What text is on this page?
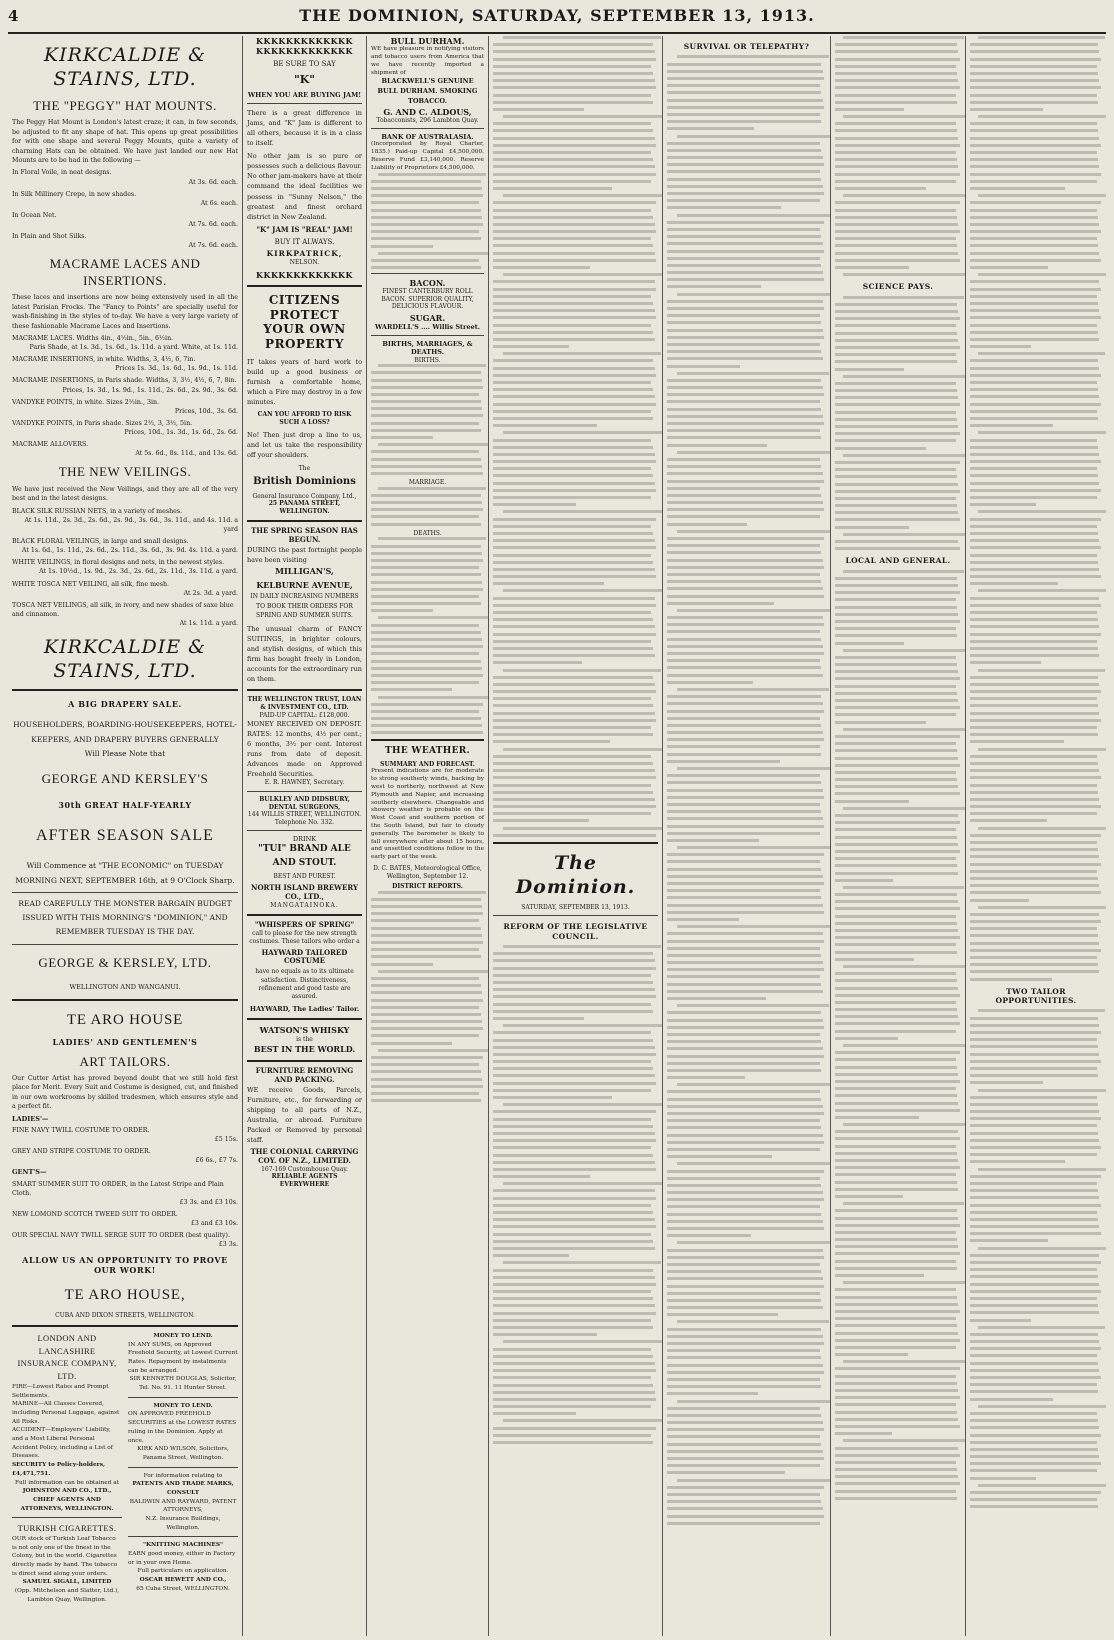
4	THE DOMINION, SATURDAY, SEPTEMBER 13, 1913.
KIRKCALDIE & STAINS, LTD.
THE "PEGGY" HAT MOUNTS.
The Peggy Hat Mount is London's latest craze; it can, in few seconds, be adjusted to fit any shape of hat. This opens up great possibilities for with one shape and several Peggy Mounts, quite a variety of charming Hats can be obtained. We have just landed our new Hat Mounts are to be had in the following —
In Floral Voile, in neat designs.
At 3s. 6d. each.
In Silk Millinery Crepe, in new shades.
At 6s. each.
In Ocean Net.
At 7s. 6d. each.
In Plain and Shot Silks.
At 7s. 6d. each.
MACRAME LACES AND INSERTIONS.
These laces and insertions are now being extensively used in all the latest Parisian Frocks. The "Fancy to Points" are specially useful for wash-finishing in the styles of to-day. We have a very large variety of these fashionable Macrame Laces and Insertions.
MACRAME LACES. Widths 4in., 4½in., 5in., 6½in.
Paris Shade, at 1s. 3d., 1s. 6d., 1s. 11d. a yard. White, at 1s. 11d.
MACRAME INSERTIONS, in white. Widths, 3, 4½, 6, 7in.
Prices 1s. 3d., 1s. 6d., 1s. 9d., 1s. 11d.
MACRAME INSERTIONS, in Paris shade. Widths, 3, 3½, 4½, 6, 7, 8in.
Prices, 1s. 3d., 1s. 9d., 1s. 11d., 2s. 6d., 2s. 9d., 3s. 6d.
VANDYKE POINTS, in white. Sizes 2½in., 3in.
Prices, 10d., 3s. 6d.
VANDYKE POINTS, in Paris shade. Sizes 2½, 3, 3½, 5in.
Prices, 10d., 1s. 3d., 1s. 6d., 2s. 6d.
MACRAME ALLOVERS.
At 5s. 6d., 8s. 11d., and 13s. 6d.
THE NEW VEILINGS.
We have just received the New Veilings, and they are all of the very best and in the latest designs.
BLACK SILK RUSSIAN NETS, in a variety of meshes.
At 1s. 11d., 2s. 3d., 2s. 6d., 2s. 9d., 3s. 6d., 3s. 11d., and 4s. 11d. a yard
BLACK FLORAL VEILINGS, in large and small designs.
At 1s. 6d., 1s. 11d., 2s. 6d., 2s. 11d., 3s. 6d., 3s. 9d. 4s. 11d. a yard.
WHITE VEILINGS, in floral designs and nets, in the newest styles.
At 1s. 10½d., 1s. 9d., 2s. 3d., 2s. 6d., 2s. 11d., 3s. 11d. a yard.
WHITE TOSCA NET VEILING, all silk, fine mesh.
At 2s. 3d. a yard.
TOSCA NET VEILINGS, all silk, in ivory, and new shades of saxe blue and cinnamon.
At 1s. 11d. a yard.
KIRKCALDIE & STAINS, LTD.
A BIG DRAPERY SALE.
HOUSEHOLDERS, BOARDING-HOUSEKEEPERS, HOTEL-KEEPERS, AND DRAPERY BUYERS GENERALLY
Will Please Note that
GEORGE AND KERSLEY'S
30th GREAT HALF-YEARLY
AFTER SEASON SALE
Will Commence at "THE ECONOMIC" on TUESDAY MORNING NEXT, SEPTEMBER 16th, at 9 O'Clock Sharp.
READ CAREFULLY THE MONSTER BARGAIN BUDGET ISSUED WITH THIS MORNING'S "DOMINION," AND REMEMBER TUESDAY IS THE DAY.
GEORGE & KERSLEY, LTD.
WELLINGTON AND WANGANUI.
TE ARO HOUSE
LADIES' AND GENTLEMEN'S
ART TAILORS.
Our Cutter Artist has proved beyond doubt that we still hold first place for Merit. Every Suit and Costume is designed, cut, and finished in our own workrooms by skilled tradesmen, which ensures style and a perfect fit.
LADIES'—
FINE NAVY TWILL COSTUME TO ORDER.
£5 15s.
GREY AND STRIPE COSTUME TO ORDER.
£6 6s., £7 7s.
GENT'S—
SMART SUMMER SUIT TO ORDER, in the Latest Stripe and Plain Cloth.
£3 3s. and £3 10s.
NEW LOMOND SCOTCH TWEED SUIT TO ORDER.
£3 and £3 10s.
OUR SPECIAL NAVY TWILL SERGE SUIT TO ORDER (best quality).
£3 3s.
ALLOW US AN OPPORTUNITY TO PROVE OUR WORK!
TE ARO HOUSE,
CUBA AND DIXON STREETS, WELLINGTON.
LONDON AND LANCASHIRE INSURANCE COMPANY, LTD.
FIRE—Lowest Rates and Prompt Settlements.
MARINE—All Classes Covered, including Personal Luggage, against All Risks.
ACCIDENT—Employers' Liability, and a Most Liberal Personal Accident Policy, including a List of Diseases.
SECURITY to Policy-holders, £4,471,751.
Full information can be obtained at
JOHNSTON AND CO., LTD., CHIEF AGENTS AND ATTORNEYS, WELLINGTON.
TURKISH CIGARETTES.
OUR stock of Turkish Leaf Tobacco is not only one of the finest in the Colony, but in the world. Cigarettes directly made by hand. The tobacco is direct send along your orders.
SAMUEL SIGALL, LIMITED
(Opp. Mitchelson and Slatter, Ltd.), Lambton Quay, Wellington.
MONEY TO LEND.
IN ANY SUMS, on Approved Freehold Security, at Lowest Current Rates. Repayment by instalments can be arranged.
SIR KENNETH DOUGLAS, Solicitor,
Tel. No. 91. 11 Hunter Street.
MONEY TO LEND.
ON APPROVED FREEHOLD SECURITIES at the LOWEST RATES ruling in the Dominion. Apply at once.
KIRK AND WILSON, Solicitors,
Panama Street, Wellington.
For information relating to
PATENTS AND TRADE MARKS, CONSULT
BALDWIN AND RAYWARD, PATENT ATTORNEYS,
N.Z. Insurance Buildings, Wellington.
"KNITTING MACHINES"
EARN good money, either in Factory or in your own Home.
Full particulars on application.
OSCAR HEWETT AND CO.,
65 Cuba Street, WELLINGTON.
KKKKKKKKKKKKK
KKKKKKKKKKKKK
BE SURE TO SAY
"K"
WHEN YOU ARE BUYING JAM!
There is a great difference in Jams, and "K" Jam is different to all others, because it is in a class to itself.
No other jam is so pure or possesses such a delicious flavour. No other jam-makers have at their command the ideal facilities we possess in "Sunny Nelson," the greatest and finest orchard district in New Zealand.
"K" JAM IS "REAL" JAM!
BUY IT ALWAYS.
KIRKPATRICK,
NELSON.
KKKKKKKKKKKKK
CITIZENS PROTECT YOUR OWN PROPERTY
IT takes years of hard work to build up a good business or furnish a comfortable home, which a Fire may destroy in a few minutes.
CAN YOU AFFORD TO RISK SUCH A LOSS?
No! Then just drop a line to us, and let us take the responsibility off your shoulders.
The
British Dominions
General Insurance Company, Ltd.,
25 PANAMA STREET, WELLINGTON.
THE SPRING SEASON HAS BEGUN.
DURING the past fortnight people have been visiting
MILLIGAN'S,
KELBURNE AVENUE,
IN DAILY INCREASING NUMBERS TO BOOK THEIR ORDERS FOR SPRING AND SUMMER SUITS.
The unusual charm of FANCY SUITINGS, in brighter colours, and stylish designs, of which this firm has bought freely in London, accounts for the extraordinary run on them.
THE WELLINGTON TRUST, LOAN & INVESTMENT CO., LTD.
PAID-UP CAPITAL: £128,000.
MONEY RECEIVED ON DEPOSIT. RATES: 12 months, 4½ per cent.; 6 months, 3½ per cent. Interest runs from date of deposit. Advances made on Approved Freehold Securities.
E. R. HAWNEY, Secretary.
BULKLEY AND DIDSBURY, DENTAL SURGEONS,
144 WILLIS STREET, WELLINGTON.
Telephone No. 332.
DRINK
"TUI" BRAND ALE AND STOUT.
BEST AND PUREST.
NORTH ISLAND BREWERY CO., LTD.,
MANGATAINOKA.
"WHISPERS OF SPRING"
call to please for the new strength costumes. These tailors who order a
HAYWARD TAILORED COSTUME
have no equals as to its ultimate satisfaction. Distinctiveness, refinement and good taste are assured.
HAYWARD, The Ladies' Tailor.
WATSON'S WHISKY
is the
BEST IN THE WORLD.
FURNITURE REMOVING AND PACKING.
WE receive Goods, Parcels, Furniture, etc., for forwarding or shipping to all parts of N.Z., Australia, or abroad. Furniture Packed or Removed by personal staff.
THE COLONIAL CARRYING COY. OF N.Z., LIMITED.
167-169 Customhouse Quay.
RELIABLE AGENTS EVERYWHERE
BULL DURHAM.
WE have pleasure in notifying visitors and tobacco users from America that we have recently imported a shipment of
BLACKWELL'S GENUINE BULL DURHAM. SMOKING TOBACCO.
G. AND C. ALDOUS,
Tobacconists, 296 Lambton Quay.
BANK OF AUSTRALASIA.
(Incorporated by Royal Charter, 1835.) Paid-up Capital £4,500,000. Reserve Fund £3,140,000. Reserve Liability of Proprietors £4,500,000.
BACON.
FINEST CANTERBURY ROLL BACON. SUPERIOR QUALITY, DELICIOUS FLAVOUR.
SUGAR.
WARDELL'S .... Willis Street.
BIRTHS, MARRIAGES, & DEATHS.
BIRTHS.
MARRIAGE.
DEATHS.
THE WEATHER.
SUMMARY AND FORECAST.
Present indications are for moderate to strong southerly winds, backing by west to northerly, northwest at New Plymouth and Napier, and increasing southerly elsewhere. Changeable and showery weather is probable on the West Coast and southern portion of the South Island, but fair to cloudy generally. The barometer is likely to fall everywhere after about 15 hours, and unsettled conditions follow in the early part of the week.
D. C. BATES, Meteorological Office, Wellington, September 12.
DISTRICT REPORTS.
The Dominion.
SATURDAY, SEPTEMBER 13, 1913.
REFORM OF THE LEGISLATIVE COUNCIL.
SURVIVAL OR TELEPATHY?
SCIENCE PAYS.
LOCAL AND GENERAL.
TWO TAILOR OPPORTUNITIES.
